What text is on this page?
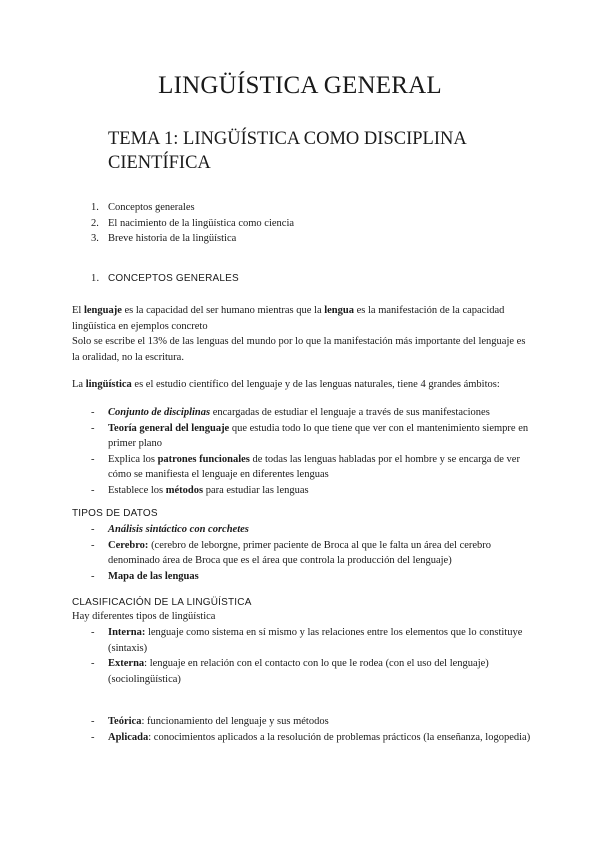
LINGÜÍSTICA GENERAL
TEMA 1: LINGÜÍSTICA COMO DISCIPLINA CIENTÍFICA
1. Conceptos generales
2. El nacimiento de la lingüística como ciencia
3. Breve historia de la lingüística
1. CONCEPTOS GENERALES

El lenguaje es la capacidad del ser humano mientras que la lengua es la manifestación de la capacidad lingüística en ejemplos concreto
Solo se escribe el 13% de las lenguas del mundo por lo que la manifestación más importante del lenguaje es la oralidad, no la escritura.

La lingüística es el estudio científico del lenguaje y de las lenguas naturales, tiene 4 grandes ámbitos:

-	Conjunto de disciplinas encargadas de estudiar el lenguaje a través de sus manifestaciones
-	Teoría general del lenguaje que estudia todo lo que tiene que ver con el mantenimiento siempre en primer plano
-	Explica los patrones funcionales de todas las lenguas habladas por el hombre y se encarga de ver cómo se manifiesta el lenguaje en diferentes lenguas
-	Establece los métodos para estudiar las lenguas
TIPOS DE DATOS
-	Análisis sintáctico con corchetes
-	Cerebro: (cerebro de leborgne, primer paciente de Broca al que le falta un área del cerebro denominado área de Broca que es el área que controla la producción del lenguaje)
-	Mapa de las lenguas
CLASIFICACIÓN DE LA LINGÜÍSTICA

Hay diferentes tipos de lingüística

-	Interna: lenguaje como sistema en sí mismo y las relaciones entre los elementos que lo constituye (sintaxis)
-	Externa: lenguaje en relación con el contacto con lo que le rodea (con el uso del lenguaje) (sociolingüística)
-	Teórica: funcionamiento del lenguaje y sus métodos
-	Aplicada: conocimientos aplicados a la resolución de problemas prácticos (la enseñanza, logopedia)
